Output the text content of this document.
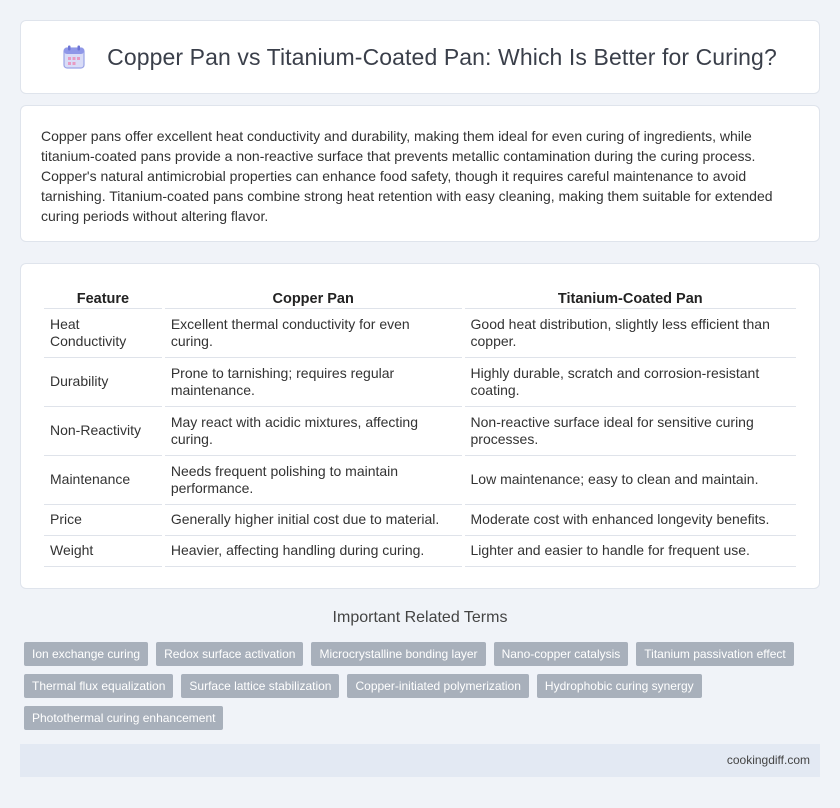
Copper Pan vs Titanium-Coated Pan: Which Is Better for Curing?

Copper pans offer excellent heat conductivity and durability, making them ideal for even curing of ingredients, while titanium-coated pans provide a non-reactive surface that prevents metallic contamination during the curing process. Copper's natural antimicrobial properties can enhance food safety, though it requires careful maintenance to avoid tarnishing. Titanium-coated pans combine strong heat retention with easy cleaning, making them suitable for extended curing periods without altering flavor.

Feature	Copper Pan	Titanium-Coated Pan
Heat Conductivity	Excellent thermal conductivity for even curing.	Good heat distribution, slightly less efficient than copper.
Durability	Prone to tarnishing; requires regular maintenance.	Highly durable, scratch and corrosion-resistant coating.
Non-Reactivity	May react with acidic mixtures, affecting curing.	Non-reactive surface ideal for sensitive curing processes.
Maintenance	Needs frequent polishing to maintain performance.	Low maintenance; easy to clean and maintain.
Price	Generally higher initial cost due to material.	Moderate cost with enhanced longevity benefits.
Weight	Heavier, affecting handling during curing.	Lighter and easier to handle for frequent use.
Important Related Terms
Ion exchange curing	Redox surface activation	Microcrystalline bonding layer	Nano-copper catalysis	Titanium passivation effect
Thermal flux equalization	Surface lattice stabilization	Copper-initiated polymerization	Hydrophobic curing synergy
Photothermal curing enhancement
cookingdiff.com
